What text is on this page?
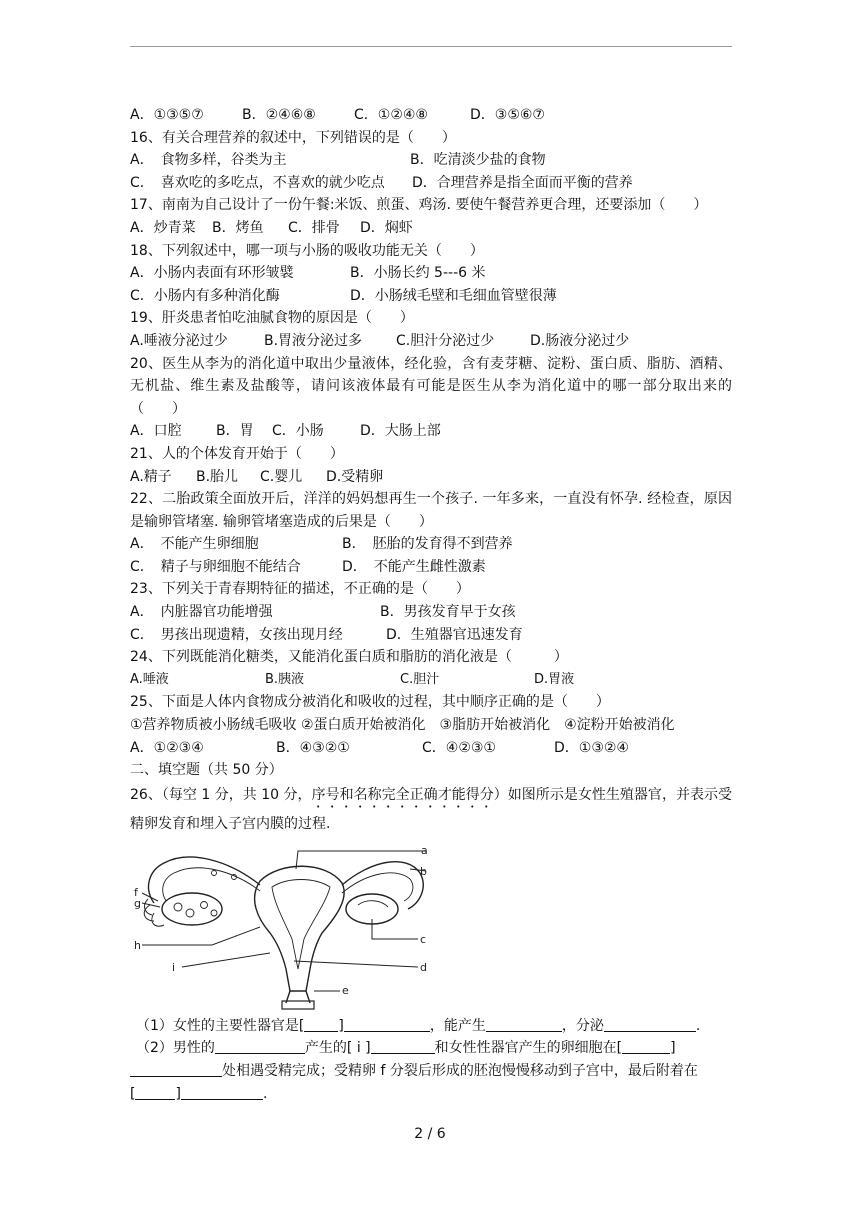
A．①③⑤⑦	B．②④⑥⑧	C．①②④⑧	D．③⑤⑥⑦
16、有关合理营养的叙述中，下列错误的是（　　）
A．　食物多样，谷类为主	B．吃清淡少盐的食物
C．　喜欢吃的多吃点，不喜欢的就少吃点 D．合理营养是指全面而平衡的营养
17、南南为自己设计了一份午餐:米饭、煎蛋、鸡汤. 要使午餐营养更合理，还要添加（　　）
A．炒青菜 B．烤鱼 C．排骨 D．焖虾
18、下列叙述中，哪一项与小肠的吸收功能无关（　　）
A．小肠内表面有环形皱襞	B．小肠长约 5---6 米
C．小肠内有多种消化酶	D．小肠绒毛壁和毛细血管壁很薄
19、肝炎患者怕吃油腻食物的原因是（　　）
A.唾液分泌过少	B.胃液分泌过多 C.胆汁分泌过少	D.肠液分泌过少
20、医生从李为的消化道中取出少量液体，经化验，含有麦芽糖、淀粉、蛋白质、脂肪、酒精、无机盐、维生素及盐酸等，请问该液体最有可能是医生从李为消化道中的哪一部分取出来的（　　）
A．口腔 B．胃 C．小肠	D．大肠上部
21、人的个体发育开始于（　　）
A.精子 B.胎儿 C.婴儿 D.受精卵
22、二胎政策全面放开后，洋洋的妈妈想再生一个孩子. 一年多来，一直没有怀孕. 经检查，原因是输卵管堵塞. 输卵管堵塞造成的后果是（　　）
A．　不能产生卵细胞	B．　胚胎的发育得不到营养
C．　精子与卵细胞不能结合	D．　不能产生雌性激素
23、下列关于青春期特征的描述，不正确的是（　　）
A．　内脏器官功能增强	B．男孩发育早于女孩
C．　男孩出现遗精，女孩出现月经	D．生殖器官迅速发育
24、下列既能消化糖类，又能消化蛋白质和脂肪的消化液是（　　　）
A.唾液	B.胰液	C.胆汁	D.胃液
25、下面是人体内食物成分被消化和吸收的过程，其中顺序正确的是（　　）
①营养物质被小肠绒毛吸收 ②蛋白质开始被消化　③脂肪开始被消化　④淀粉开始被消化
A．①②③④	B．④③②①	C．④②③①	D．①③②④
二、填空题（共 50 分）
26、（每空 1 分，共 10 分，序号和名称完全正确才能得分）如图所示是女性生殖器官，并表示受精卵发育和埋入子宫内膜的过程.
a
b
c
d
e
f
g
h
i
（1）女性的主要性器官是[ ]	，能产生	，分泌	.
（2）男性的	产生的[ i ]	和女性性器官产生的卵细胞在[	]
处相遇受精完成；受精卵 f 分裂后形成的胚泡慢慢移动到子宫中，最后附着在
[	]	.
2 / 6
